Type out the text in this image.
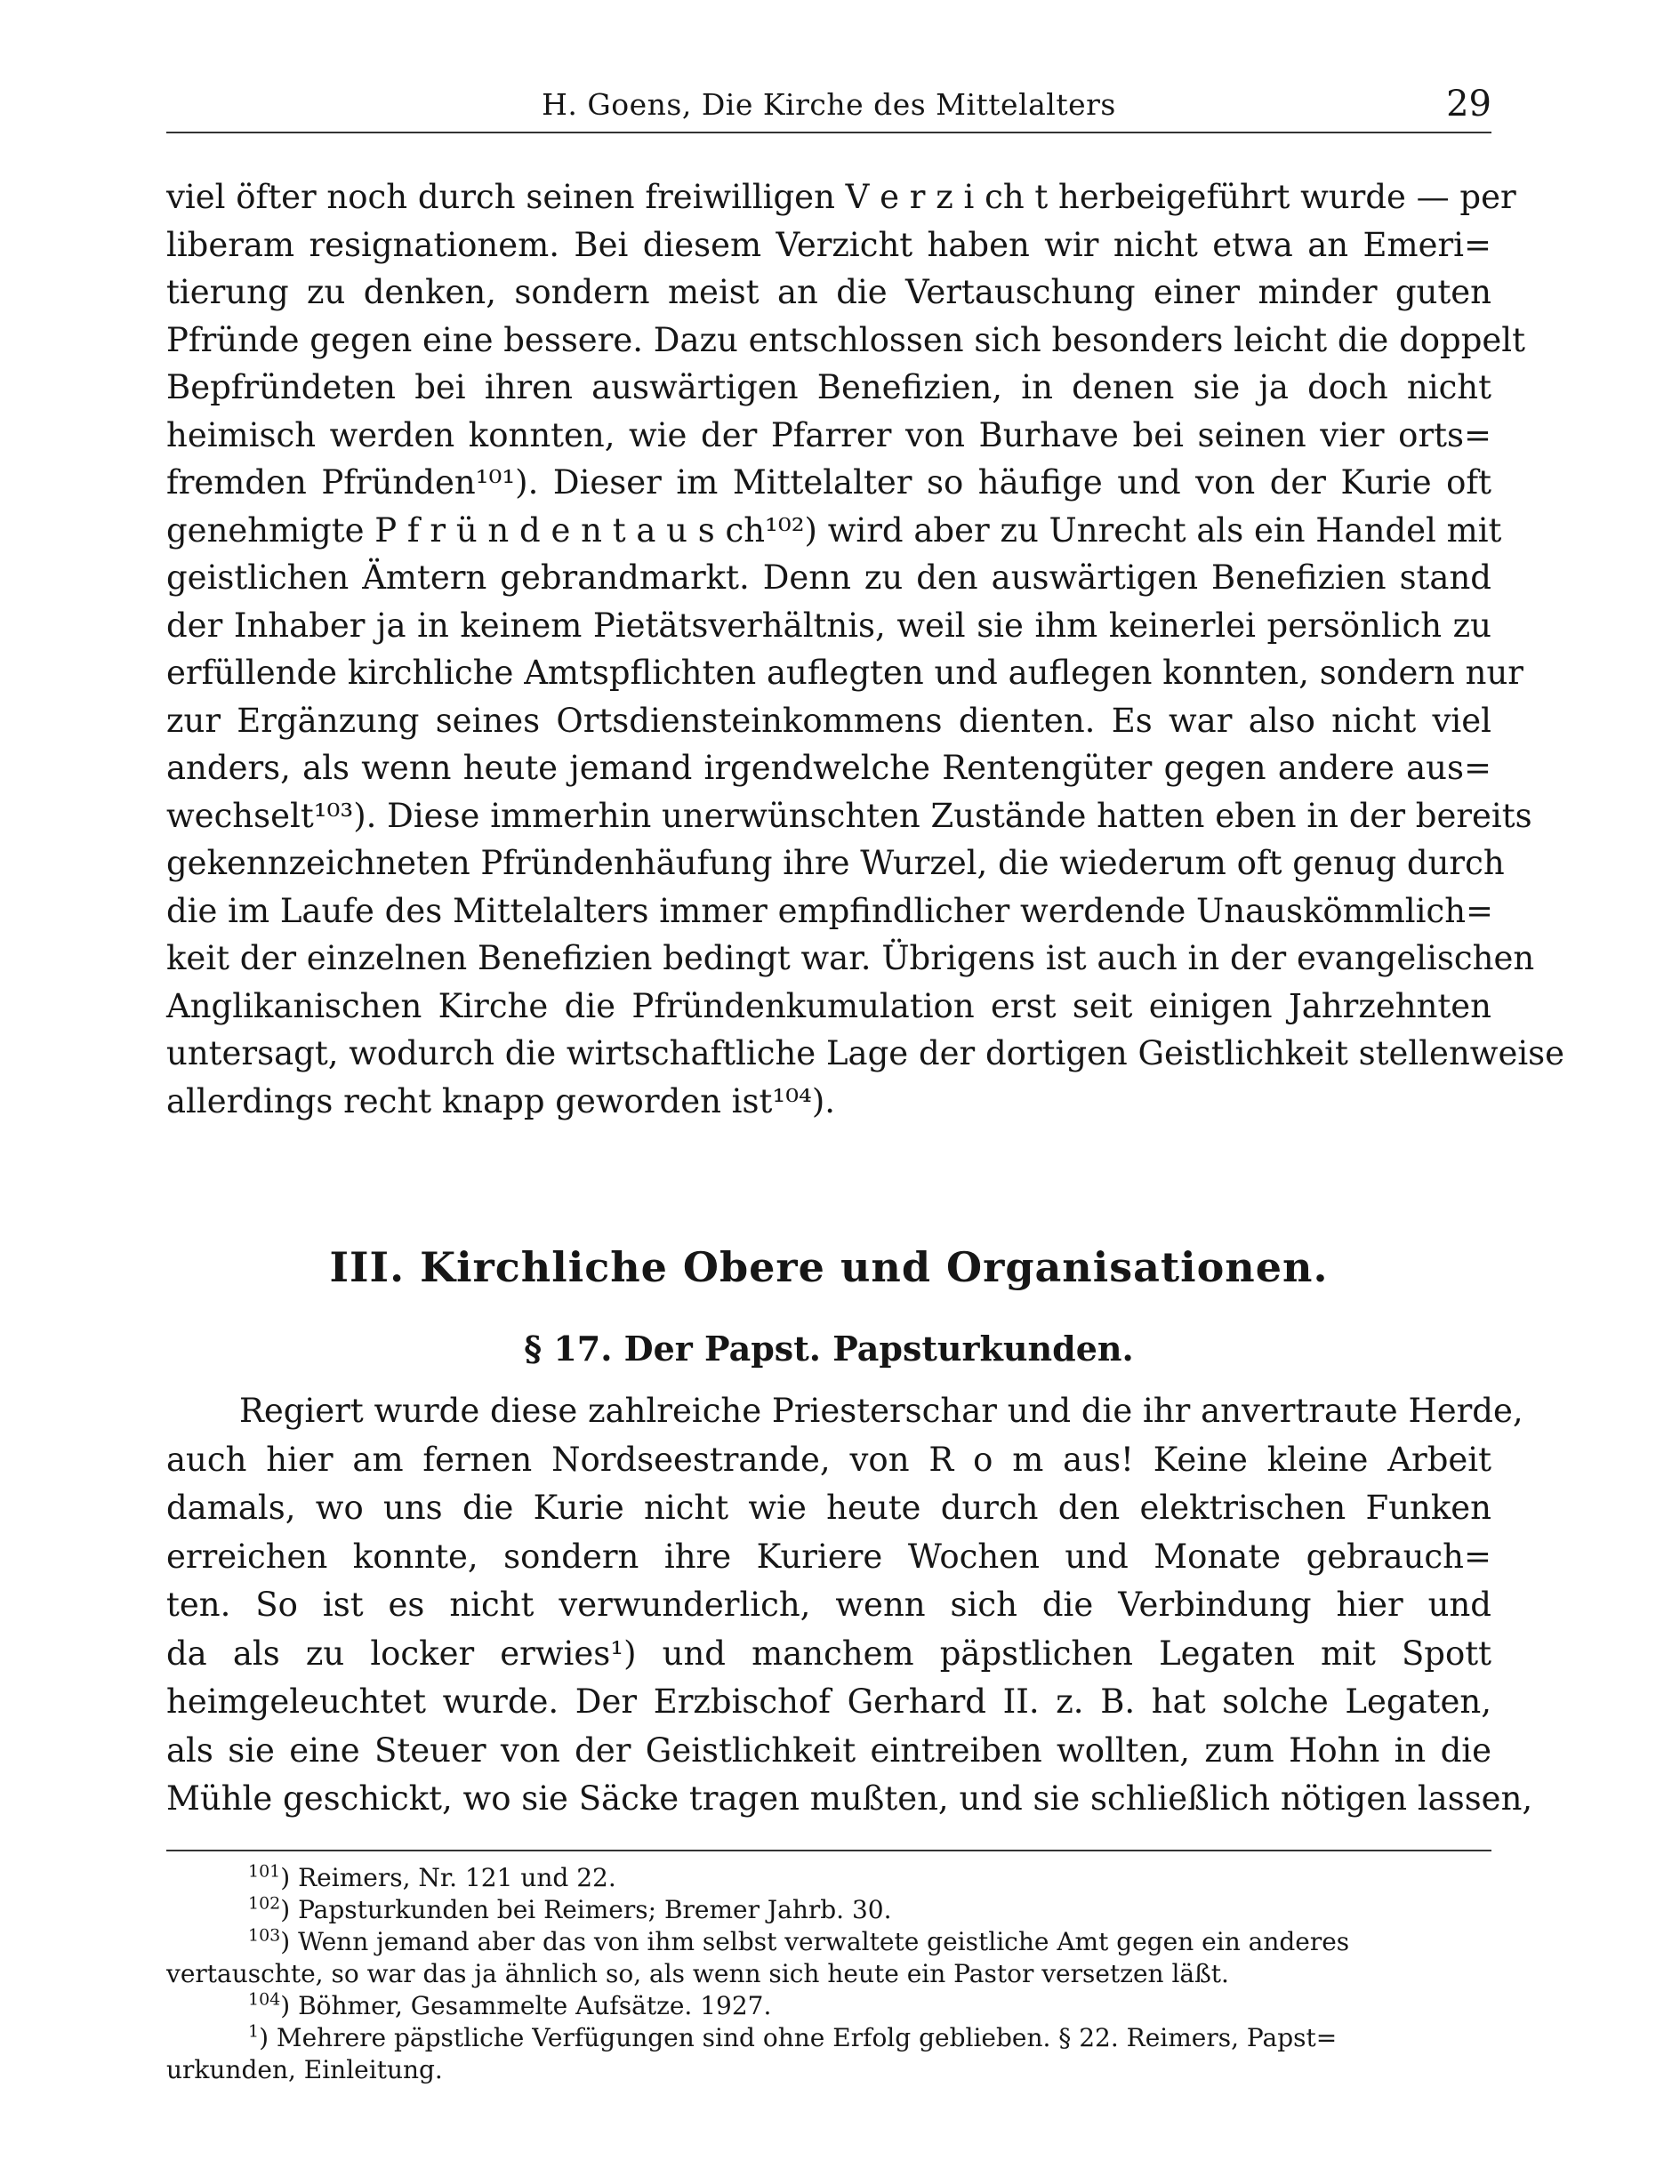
H. Goens, Die Kirche des Mittelalters	29

viel öfter noch durch seinen freiwilligen V e r z i ch t herbeigeführt wurde — per

liberam resignationem. Bei diesem Verzicht haben wir nicht etwa an Emeri=

tierung zu denken, sondern meist an die Vertauschung einer minder guten

Pfründe gegen eine bessere. Dazu entschlossen sich besonders leicht die doppelt

Bepfründeten bei ihren auswärtigen Benefizien, in denen sie ja doch nicht

heimisch werden konnten, wie der Pfarrer von Burhave bei seinen vier orts=

fremden Pfründen¹⁰¹). Dieser im Mittelalter so häufige und von der Kurie oft

genehmigte P f r ü n d e n t a u s ch¹⁰²) wird aber zu Unrecht als ein Handel mit

geistlichen Ämtern gebrandmarkt. Denn zu den auswärtigen Benefizien stand

der Inhaber ja in keinem Pietätsverhältnis, weil sie ihm keinerlei persönlich zu

erfüllende kirchliche Amtspflichten auflegten und auflegen konnten, sondern nur

zur Ergänzung seines Ortsdiensteinkommens dienten. Es war also nicht viel

anders, als wenn heute jemand irgendwelche Rentengüter gegen andere aus=

wechselt¹⁰³). Diese immerhin unerwünschten Zustände hatten eben in der bereits

gekennzeichneten Pfründenhäufung ihre Wurzel, die wiederum oft genug durch

die im Laufe des Mittelalters immer empfindlicher werdende Unauskömmlich=

keit der einzelnen Benefizien bedingt war. Übrigens ist auch in der evangelischen

Anglikanischen Kirche die Pfründenkumulation erst seit einigen Jahrzehnten

untersagt, wodurch die wirtschaftliche Lage der dortigen Geistlichkeit stellenweise

allerdings recht knapp geworden ist¹⁰⁴).

III. Kirchliche Obere und Organisationen.
§ 17. Der Papst. Papsturkunden.

Regiert wurde diese zahlreiche Priesterschar und die ihr anvertraute Herde,

auch hier am fernen Nordseestrande, von R o m aus! Keine kleine Arbeit

damals, wo uns die Kurie nicht wie heute durch den elektrischen Funken

erreichen konnte, sondern ihre Kuriere Wochen und Monate gebrauch=

ten. So ist es nicht verwunderlich, wenn sich die Verbindung hier und

da als zu locker erwies¹) und manchem päpstlichen Legaten mit Spott

heimgeleuchtet wurde. Der Erzbischof Gerhard II. z. B. hat solche Legaten,

als sie eine Steuer von der Geistlichkeit eintreiben wollten, zum Hohn in die

Mühle geschickt, wo sie Säcke tragen mußten, und sie schließlich nötigen lassen,

$^{101}$) Reimers, Nr. 121 und 22.

$^{102}$) Papsturkunden bei Reimers; Bremer Jahrb. 30.

$^{103}$) Wenn jemand aber das von ihm selbst verwaltete geistliche Amt gegen ein anderes

vertauschte, so war das ja ähnlich so, als wenn sich heute ein Pastor versetzen läßt.

$^{104}$) Böhmer, Gesammelte Aufsätze. 1927.

$^1$) Mehrere päpstliche Verfügungen sind ohne Erfolg geblieben. § 22. Reimers, Papst=

urkunden, Einleitung.
